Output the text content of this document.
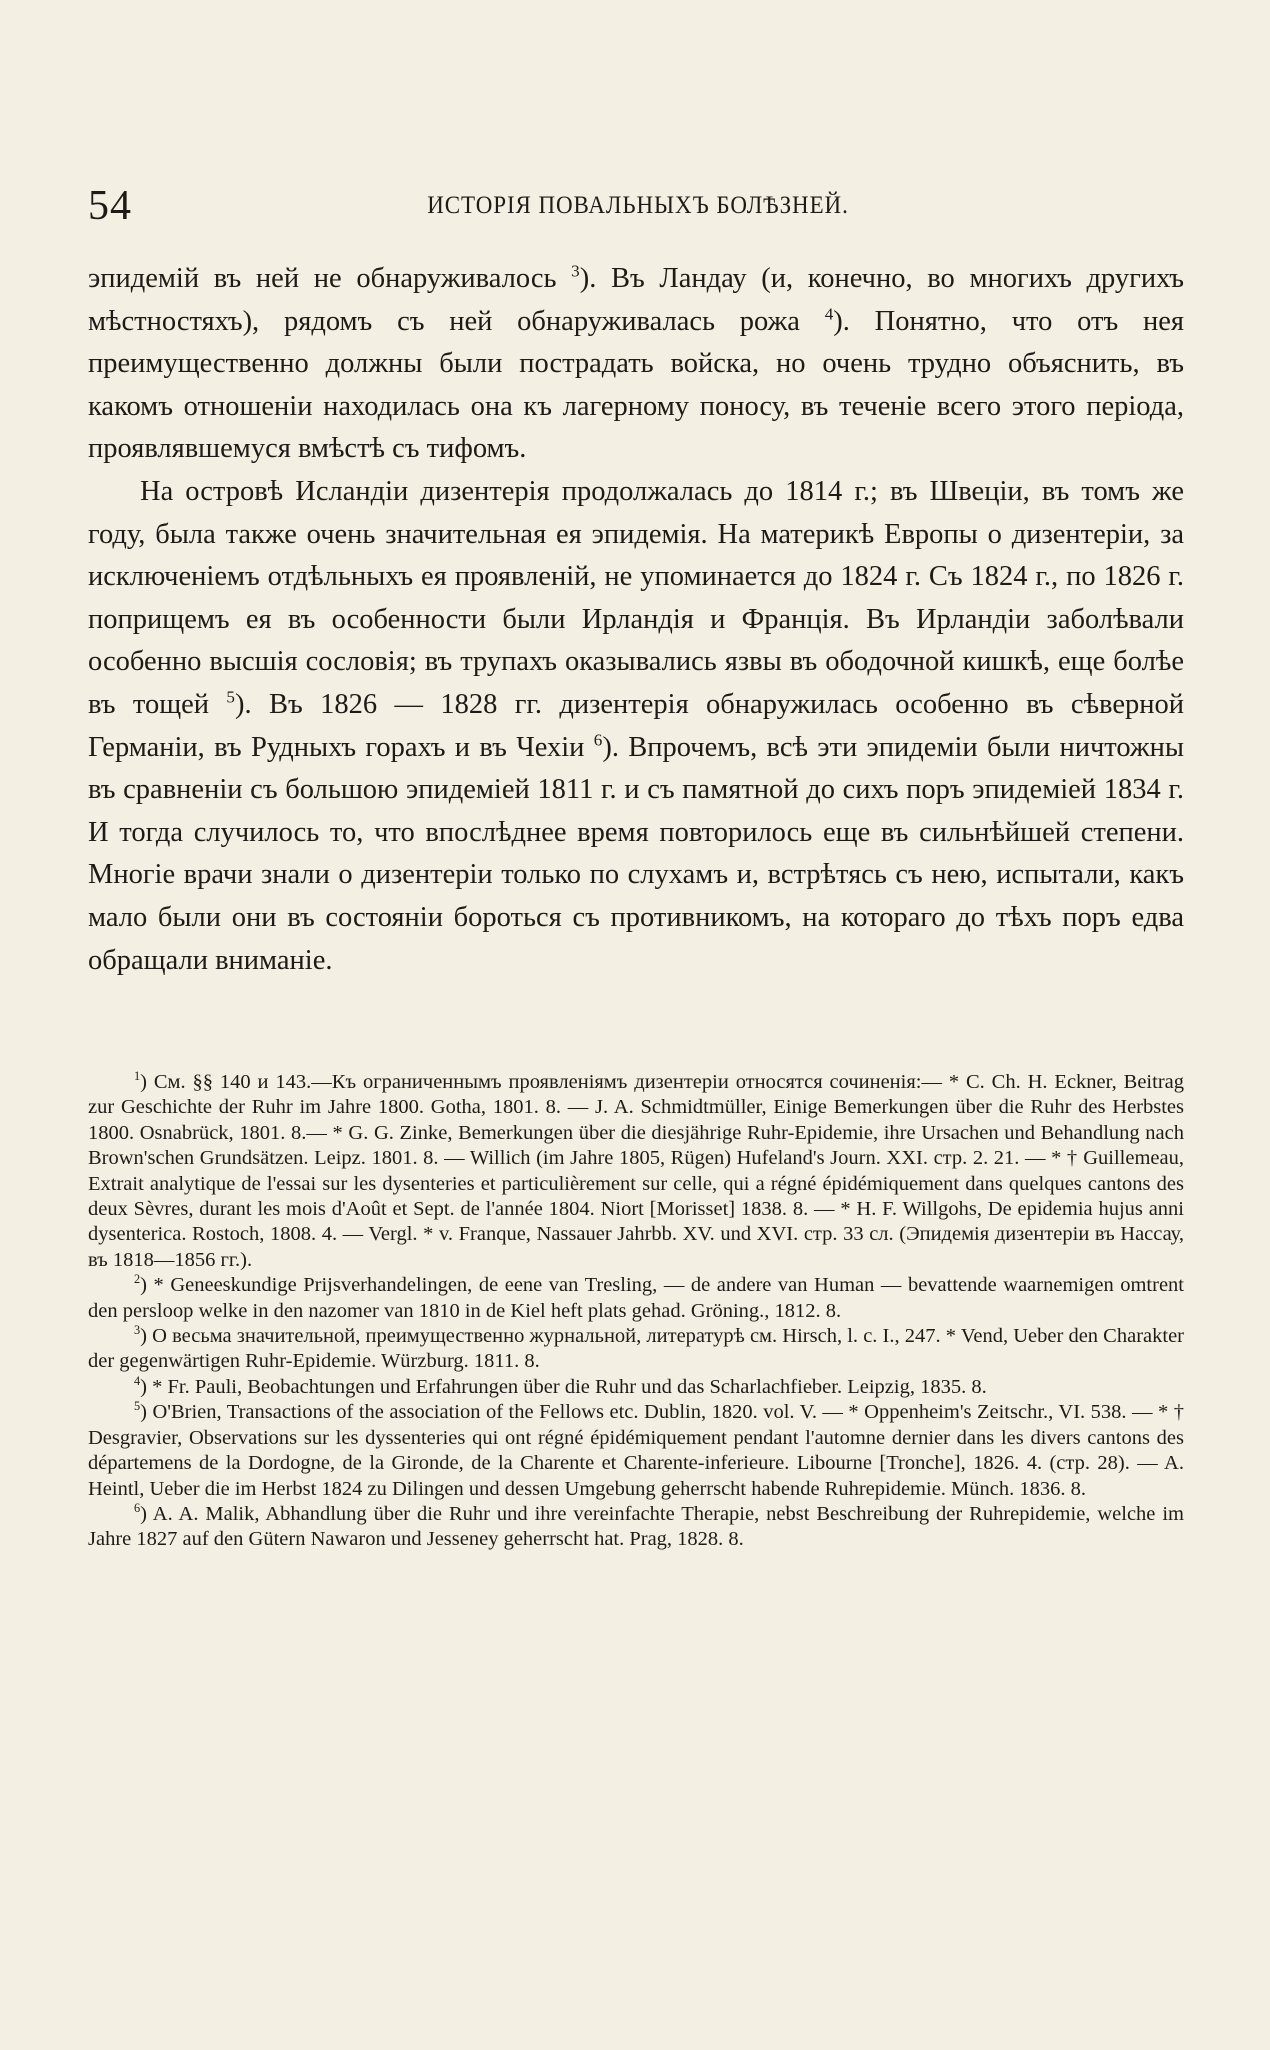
54	ИСТОРІЯ ПОВАЛЬНЫХЪ БОЛѢЗНЕЙ.

эпидемій въ ней не обнаруживалось $^3$). Въ Ландау (и, конечно, во многихъ другихъ мѣстностяхъ), рядомъ съ ней обнаруживалась рожа $^4$). Понятно, что отъ нея преимущественно должны были пострадать войска, но очень трудно объяснить, въ какомъ отношеніи находилась она къ лагерному поносу, въ теченіе всего этого періода, проявлявшемуся вмѣстѣ съ тифомъ.

На островѣ Исландіи дизентерія продолжалась до 1814 г.; въ Швеціи, въ томъ же году, была также очень значительная ея эпидемія. На материкѣ Европы о дизентеріи, за исключеніемъ отдѣльныхъ ея проявленій, не упоминается до 1824 г. Съ 1824 г., по 1826 г. поприщемъ ея въ особенности были Ирландія и Франція. Въ Ирландіи заболѣвали особенно высшія сословія; въ трупахъ оказывались язвы въ ободочной кишкѣ, еще болѣе въ тощей $^5$). Въ 1826 — 1828 гг. дизентерія обнаружилась особенно въ сѣверной Германіи, въ Рудныхъ горахъ и въ Чехіи $^6$). Впрочемъ, всѣ эти эпидеміи были ничтожны въ сравненіи съ большою эпидеміей 1811 г. и съ памятной до сихъ поръ эпидеміей 1834 г. И тогда случилось то, что впослѣднее время повторилось еще въ сильнѣйшей степени. Многіе врачи знали о дизентеріи только по слухамъ и, встрѣтясь съ нею, испытали, какъ мало были они въ состояніи бороться съ противникомъ, на котораго до тѣхъ поръ едва обращали вниманіе.

$^1$) См. §§ 140 и 143.—Къ ограниченнымъ проявленіямъ дизентеріи относятся сочиненія:— * C. Ch. H. Eckner, Beitrag zur Geschichte der Ruhr im Jahre 1800. Gotha, 1801. 8. — J. A. Schmidtmüller, Einige Bemerkungen über die Ruhr des Herbstes 1800. Osnabrück, 1801. 8.— * G. G. Zinke, Bemerkungen über die diesjährige Ruhr-Epidemie, ihre Ursachen und Behandlung nach Brown'schen Grundsätzen. Leipz. 1801. 8. — Willich (im Jahre 1805, Rügen) Hufeland's Journ. XXI. стр. 2. 21. — * † Guillemeau, Extrait analytique de l'essai sur les dysenteries et particulièrement sur celle, qui a régné épidémiquement dans quelques cantons des deux Sèvres, durant les mois d'Août et Sept. de l'année 1804. Niort [Morisset] 1838. 8. — * H. F. Willgohs, De epidemia hujus anni dysenterica. Rostoch, 1808. 4. — Vergl. * v. Franque, Nassauer Jahrbb. XV. und XVI. стр. 33 сл. (Эпидемія дизентеріи въ Нассау, въ 1818—1856 гг.).

$^2$) * Geneeskundige Prijsverhandelingen, de eene van Tresling, — de andere van Human — bevattende waarnemigen omtrent den persloop welke in den nazomer van 1810 in de Kiel heft plats gehad. Gröning., 1812. 8.

$^3$) О весьма значительной, преимущественно журнальной, литературѣ см. Hirsch, l. c. I., 247. * Vend, Ueber den Charakter der gegenwärtigen Ruhr-Epidemie. Würzburg. 1811. 8.

$^4$) * Fr. Pauli, Beobachtungen und Erfahrungen über die Ruhr und das Scharlachfieber. Leipzig, 1835. 8.

$^5$) O'Brien, Transactions of the association of the Fellows etc. Dublin, 1820. vol. V. — * Oppenheim's Zeitschr., VI. 538. — * † Desgravier, Observations sur les dyssenteries qui ont régné épidémiquement pendant l'automne dernier dans les divers cantons des départemens de la Dordogne, de la Gironde, de la Charente et Charente-inferieure. Libourne [Tronche], 1826. 4. (стр. 28). — A. Heintl, Ueber die im Herbst 1824 zu Dilingen und dessen Umgebung geherrscht habende Ruhrepidemie. Münch. 1836. 8.

$^6$) A. A. Malik, Abhandlung über die Ruhr und ihre vereinfachte Therapie, nebst Beschreibung der Ruhrepidemie, welche im Jahre 1827 auf den Gütern Nawaron und Jesseney geherrscht hat. Prag, 1828. 8.
